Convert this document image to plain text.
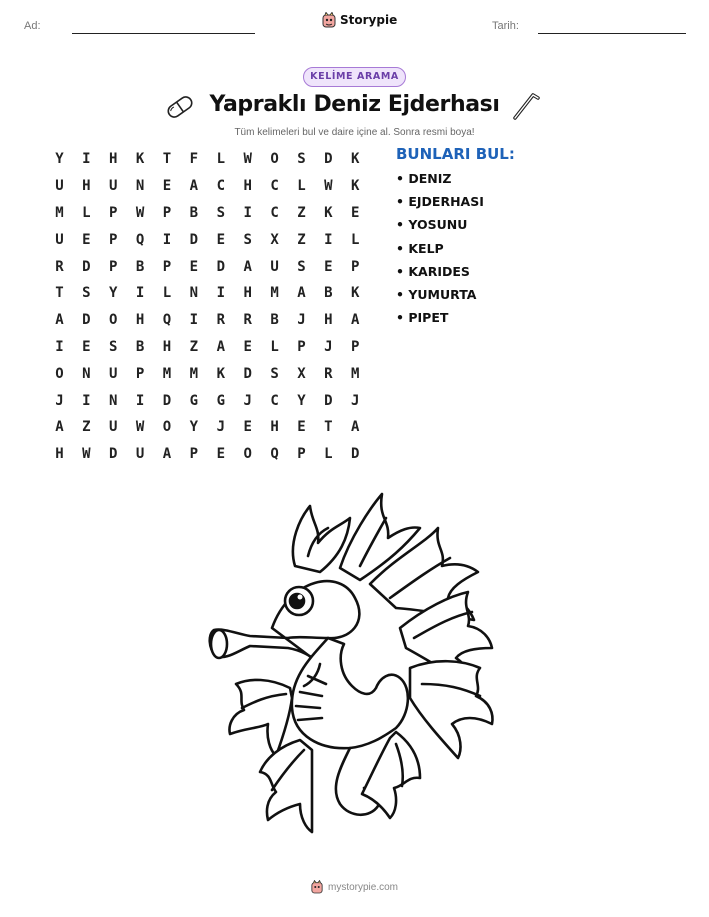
Ad:	Storypie	Tarih:
KELİME ARAMA
Yapraklı Deniz Ejderhası
Tüm kelimeleri bul ve daire içine al. Sonra resmi boya!
Y	I	H	K	T	F	L	W	O	S	D	K
U	H	U	N	E	A	C	H	C	L	W	K
M	L	P	W	P	B	S	I	C	Z	K	E
U	E	P	Q	I	D	E	S	X	Z	I	L
R	D	P	B	P	E	D	A	U	S	E	P
T	S	Y	I	L	N	I	H	M	A	B	K
A	D	O	H	Q	I	R	R	B	J	H	A
I	E	S	B	H	Z	A	E	L	P	J	P
O	N	U	P	M	M	K	D	S	X	R	M
J	I	N	I	D	G	G	J	C	Y	D	J
A	Z	U	W	O	Y	J	E	H	E	T	A
H	W	D	U	A	P	E	O	Q	P	L	D
BUNLARI BUL:
• DENIZ
• EJDERHASI
• YOSUNU
• KELP
• KARIDES
• YUMURTA
• PIPET
mystorypie.com
